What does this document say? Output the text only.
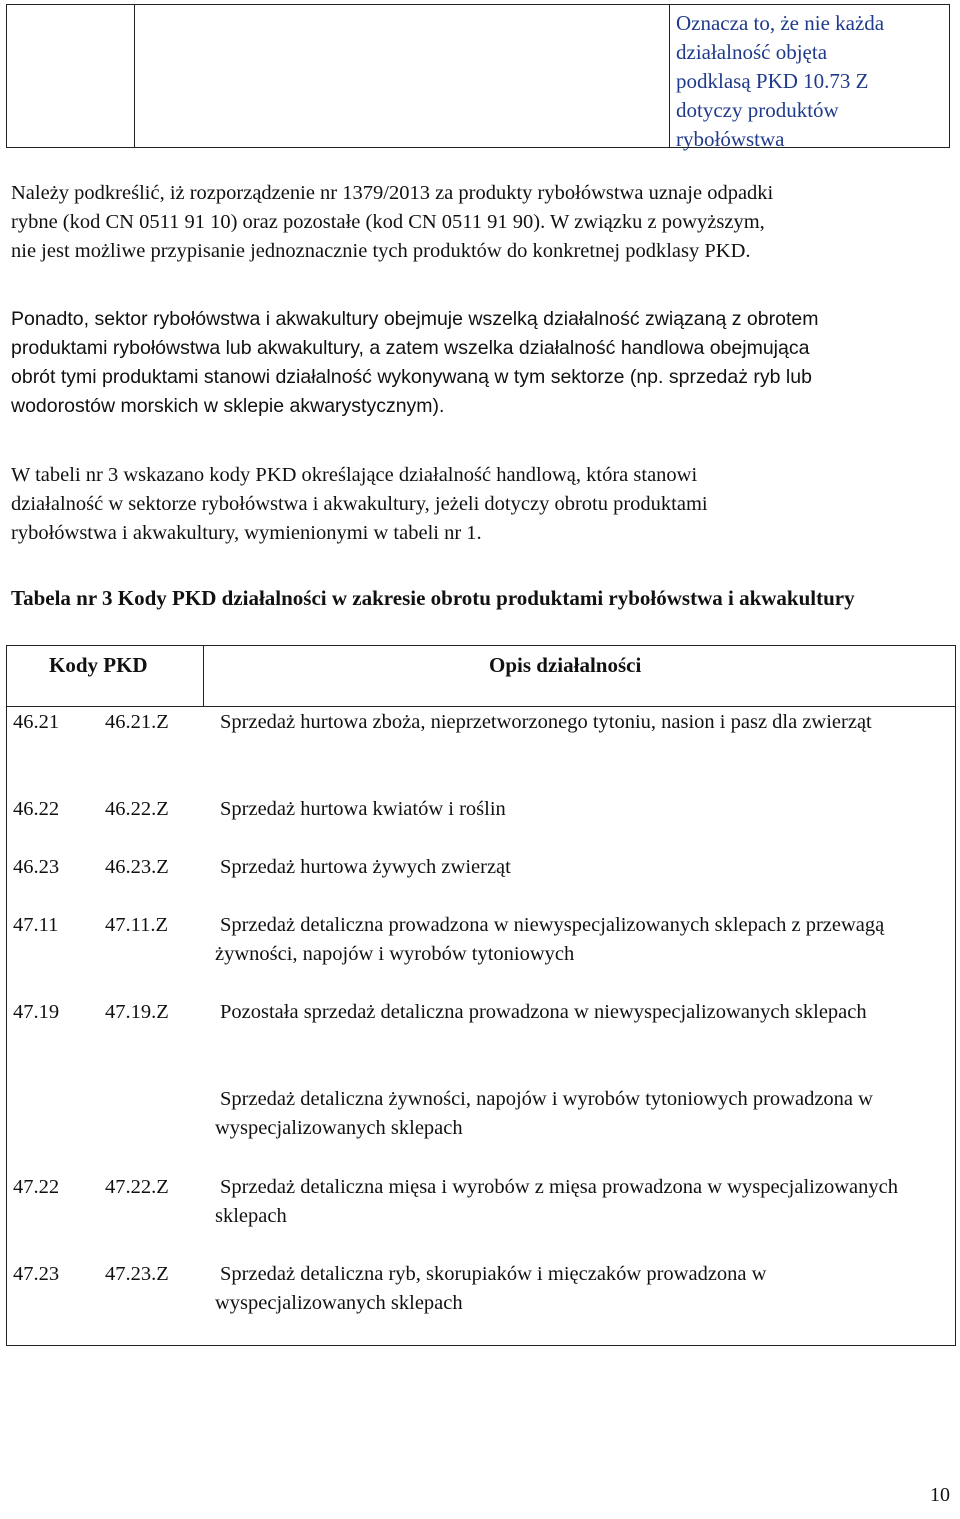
Oznacza to, że nie każda
działalność objęta
podklasą PKD 10.73 Z
dotyczy produktów
rybołówstwa
Należy podkreślić, iż rozporządzenie nr 1379/2013 za produkty rybołówstwa uznaje odpadki
rybne (kod CN 0511 91 10) oraz pozostałe (kod CN 0511 91 90). W związku z powyższym,
nie jest możliwe przypisanie jednoznacznie tych produktów do konkretnej podklasy PKD.
Ponadto, sektor rybołówstwa i akwakultury obejmuje wszelką działalność związaną z obrotem
produktami rybołówstwa lub akwakultury, a zatem wszelka działalność handlowa obejmująca
obrót tymi produktami stanowi działalność wykonywaną w tym sektorze (np. sprzedaż ryb lub
wodorostów morskich w sklepie akwarystycznym).
W tabeli nr 3 wskazano kody PKD określające działalność handlową, która stanowi
działalność w sektorze rybołówstwa i akwakultury, jeżeli dotyczy obrotu produktami
rybołówstwa i akwakultury, wymienionymi w tabeli nr 1.
Tabela nr 3 Kody PKD działalności w zakresie obrotu produktami rybołówstwa i akwakultury
Kody PKD	Opis działalności
46.21 46.21.Z Sprzedaż hurtowa zboża, nieprzetworzonego tytoniu, nasion i pasz dla zwierząt
46.22 46.22.Z Sprzedaż hurtowa kwiatów i roślin
46.23 46.23.Z Sprzedaż hurtowa żywych zwierząt
47.11 47.11.Z	Sprzedaż detaliczna prowadzona w niewyspecjalizowanych sklepach z przewagą żywności, napojów i wyrobów tytoniowych
47.19 47.19.Z Pozostała sprzedaż detaliczna prowadzona w niewyspecjalizowanych sklepach
Sprzedaż detaliczna żywności, napojów i wyrobów tytoniowych prowadzona w wyspecjalizowanych sklepach
47.22 47.22.Z Sprzedaż detaliczna mięsa i wyrobów z mięsa prowadzona w wyspecjalizowanych sklepach
47.23 47.23.Z Sprzedaż detaliczna ryb, skorupiaków i mięczaków prowadzona w wyspecjalizowanych sklepach
10
